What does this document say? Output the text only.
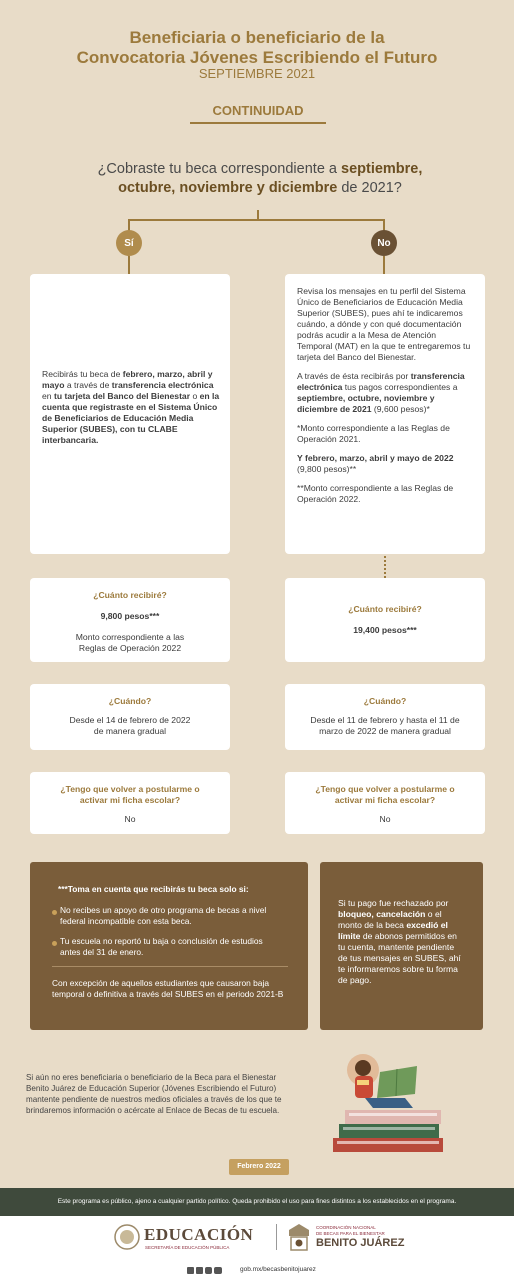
Beneficiaria o beneficiario de la
Convocatoria Jóvenes Escribiendo el Futuro
SEPTIEMBRE 2021
CONTINUIDAD
¿Cobraste tu beca correspondiente a septiembre,
octubre, noviembre y diciembre de 2021?
Sí	No
Recibirás tu beca de febrero, marzo, abril y mayo a través de transferencia electrónica en tu tarjeta del Banco del Bienestar o en la cuenta que registraste en el Sistema Único de Beneficiarios de Educación Media Superior (SUBES), con tu CLABE interbancaria.

Revisa los mensajes en tu perfil del Sistema Único de Beneficiarios de Educación Media Superior (SUBES), pues ahí te indicaremos cuándo, a dónde y con qué documentación podrás acudir a la Mesa de Atención Temporal (MAT) en la que te entregaremos tu tarjeta del Banco del Bienestar.

A través de ésta recibirás por transferencia electrónica tus pagos correspondientes a septiembre, octubre, noviembre y diciembre de 2021 (9,600 pesos)*

*Monto correspondiente a las Reglas de Operación 2021.

Y febrero, marzo, abril y mayo de 2022 (9,800 pesos)**

**Monto correspondiente a las Reglas de Operación 2022.

¿Cuánto recibiré?
9,800 pesos***
Monto correspondiente a las
Reglas de Operación 2022
¿Cuánto recibiré?
19,400 pesos***
¿Cuándo?
Desde el 14 de febrero de 2022
de manera gradual
¿Cuándo?
Desde el 11 de febrero y hasta el 11 de
marzo de 2022 de manera gradual
¿Tengo que volver a postularme o
activar mi ficha escolar?
No
¿Tengo que volver a postularme o
activar mi ficha escolar?
No
***Toma en cuenta que recibirás tu beca solo si:
No recibes un apoyo de otro programa de becas a nivel federal incompatible con esta beca.
Tu escuela no reportó tu baja o conclusión de estudios antes del 31 de enero.
Con excepción de aquellos estudiantes que causaron baja temporal o definitiva a través del SUBES en el periodo 2021-B
Si tu pago fue rechazado por bloqueo, cancelación o el monto de la beca excedió el límite de abonos permitidos en tu cuenta, mantente pendiente de tus mensajes en SUBES, ahí te informaremos sobre tu forma de pago.
Si aún no eres beneficiaria o beneficiario de la Beca para el Bienestar Benito Juárez de Educación Superior (Jóvenes Escribiendo el Futuro) mantente pendiente de nuestros medios oficiales a través de los que te brindaremos información o acércate al Enlace de Becas de tu escuela.
Febrero 2022
Este programa es público, ajeno a cualquier partido político. Queda prohibido el uso para fines distintos a los establecidos en el programa.
EDUCACIÓN
SECRETARÍA DE EDUCACIÓN PÚBLICA
COORDINACIÓN NACIONAL
DE BECAS PARA EL BIENESTAR
BENITO JUÁREZ
gob.mx/becasbenitojuarez
